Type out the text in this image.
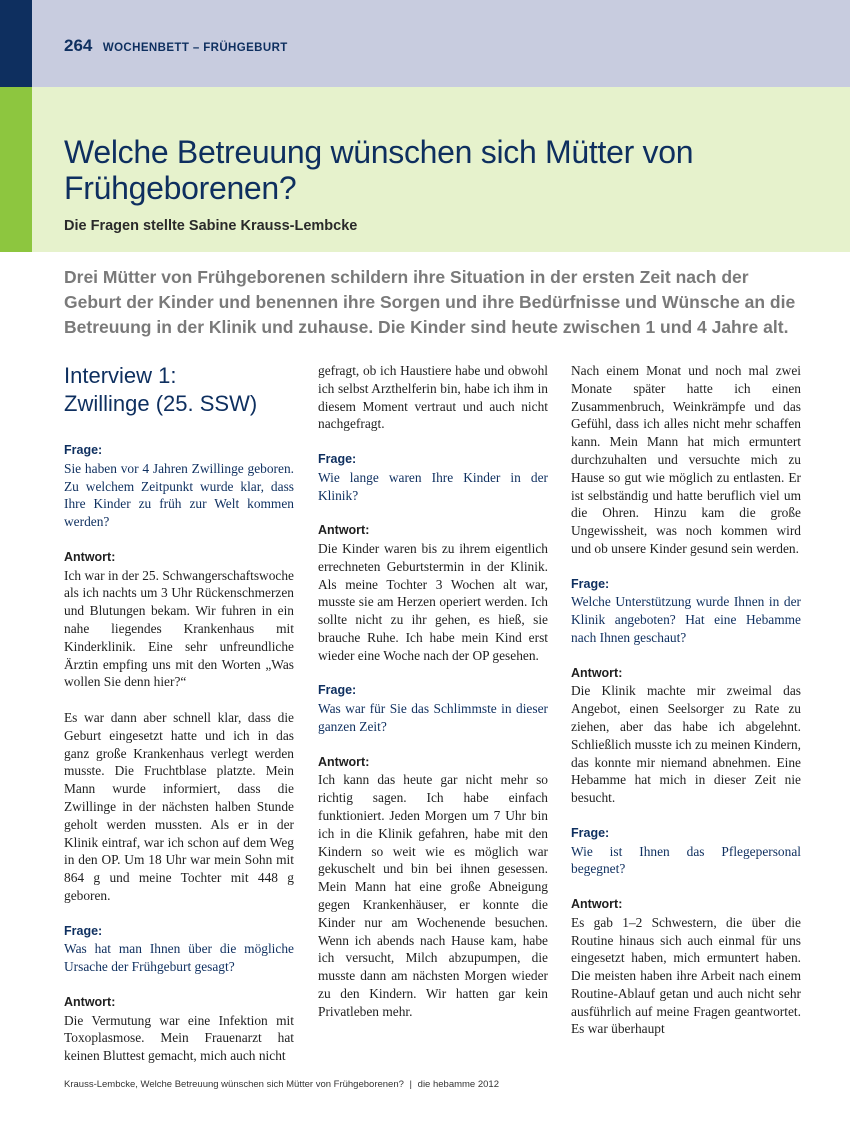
264 WOCHENBETT – FRÜHGEBURT
Welche Betreuung wünschen sich Mütter von Frühgeborenen?
Die Fragen stellte Sabine Krauss-Lembcke

Drei Mütter von Frühgeborenen schildern ihre Situation in der ersten Zeit nach der Geburt der Kinder und benennen ihre Sorgen und ihre Bedürfnisse und Wünsche an die Betreuung in der Klinik und zuhause. Die Kinder sind heute zwischen 1 und 4 Jahre alt.

Interview 1:
Zwillinge (25. SSW)

Frage:
Sie haben vor 4 Jahren Zwillinge geboren. Zu welchem Zeitpunkt wurde klar, dass Ihre Kinder zu früh zur Welt kommen werden?

Antwort:
Ich war in der 25. Schwangerschaftswoche als ich nachts um 3 Uhr Rückenschmerzen und Blutungen bekam. Wir fuhren in ein nahe liegendes Krankenhaus mit Kinderklinik. Eine sehr unfreundliche Ärztin empfing uns mit den Worten „Was wollen Sie denn hier?“

Es war dann aber schnell klar, dass die Geburt eingesetzt hatte und ich in das ganz große Krankenhaus verlegt werden musste. Die Fruchtblase platzte. Mein Mann wurde informiert, dass die Zwillinge in der nächsten halben Stunde geholt werden mussten. Als er in der Klinik eintraf, war ich schon auf dem Weg in den OP. Um 18 Uhr war mein Sohn mit 864 g und meine Tochter mit 448 g geboren.

Frage:
Was hat man Ihnen über die mögliche Ursache der Frühgeburt gesagt?

Antwort:
Die Vermutung war eine Infektion mit Toxoplasmose. Mein Frauenarzt hat keinen Bluttest gemacht, mich auch nicht

gefragt, ob ich Haustiere habe und obwohl ich selbst Arzthelferin bin, habe ich ihm in diesem Moment vertraut und auch nicht nachgefragt.

Frage:
Wie lange waren Ihre Kinder in der Klinik?

Antwort:
Die Kinder waren bis zu ihrem eigentlich errechneten Geburtstermin in der Klinik. Als meine Tochter 3 Wochen alt war, musste sie am Herzen operiert werden. Ich sollte nicht zu ihr gehen, es hieß, sie brauche Ruhe. Ich habe mein Kind erst wieder eine Woche nach der OP gesehen.

Frage:
Was war für Sie das Schlimmste in dieser ganzen Zeit?

Antwort:
Ich kann das heute gar nicht mehr so richtig sagen. Ich habe einfach funktioniert. Jeden Morgen um 7 Uhr bin ich in die Klinik gefahren, habe mit den Kindern so weit wie es möglich war gekuschelt und bin bei ihnen gesessen. Mein Mann hat eine große Abneigung gegen Krankenhäuser, er konnte die Kinder nur am Wochenende besuchen. Wenn ich abends nach Hause kam, habe ich versucht, Milch abzupumpen, die musste dann am nächsten Morgen wieder zu den Kindern. Wir hatten gar kein Privatleben mehr.

Nach einem Monat und noch mal zwei Monate später hatte ich einen Zusammenbruch, Weinkrämpfe und das Gefühl, dass ich alles nicht mehr schaffen kann. Mein Mann hat mich ermuntert durchzuhalten und versuchte mich zu Hause so gut wie möglich zu entlasten. Er ist selbständig und hatte beruflich viel um die Ohren. Hinzu kam die große Ungewissheit, was noch kommen wird und ob unsere Kinder gesund sein werden.

Frage:
Welche Unterstützung wurde Ihnen in der Klinik angeboten? Hat eine Hebamme nach Ihnen geschaut?

Antwort:
Die Klinik machte mir zweimal das Angebot, einen Seelsorger zu Rate zu ziehen, aber das habe ich abgelehnt. Schließlich musste ich zu meinen Kindern, das konnte mir niemand abnehmen. Eine Hebamme hat mich in dieser Zeit nie besucht.

Frage:
Wie ist Ihnen das Pflegepersonal begegnet?

Antwort:
Es gab 1–2 Schwestern, die über die Routine hinaus sich auch einmal für uns eingesetzt haben, mich ermuntert haben. Die meisten haben ihre Arbeit nach einem Routine-Ablauf getan und auch nicht sehr ausführlich auf meine Fragen geantwortet. Es war überhaupt

Krauss-Lembcke, Welche Betreuung wünschen sich Mütter von Frühgeborenen? | die hebamme 2012
